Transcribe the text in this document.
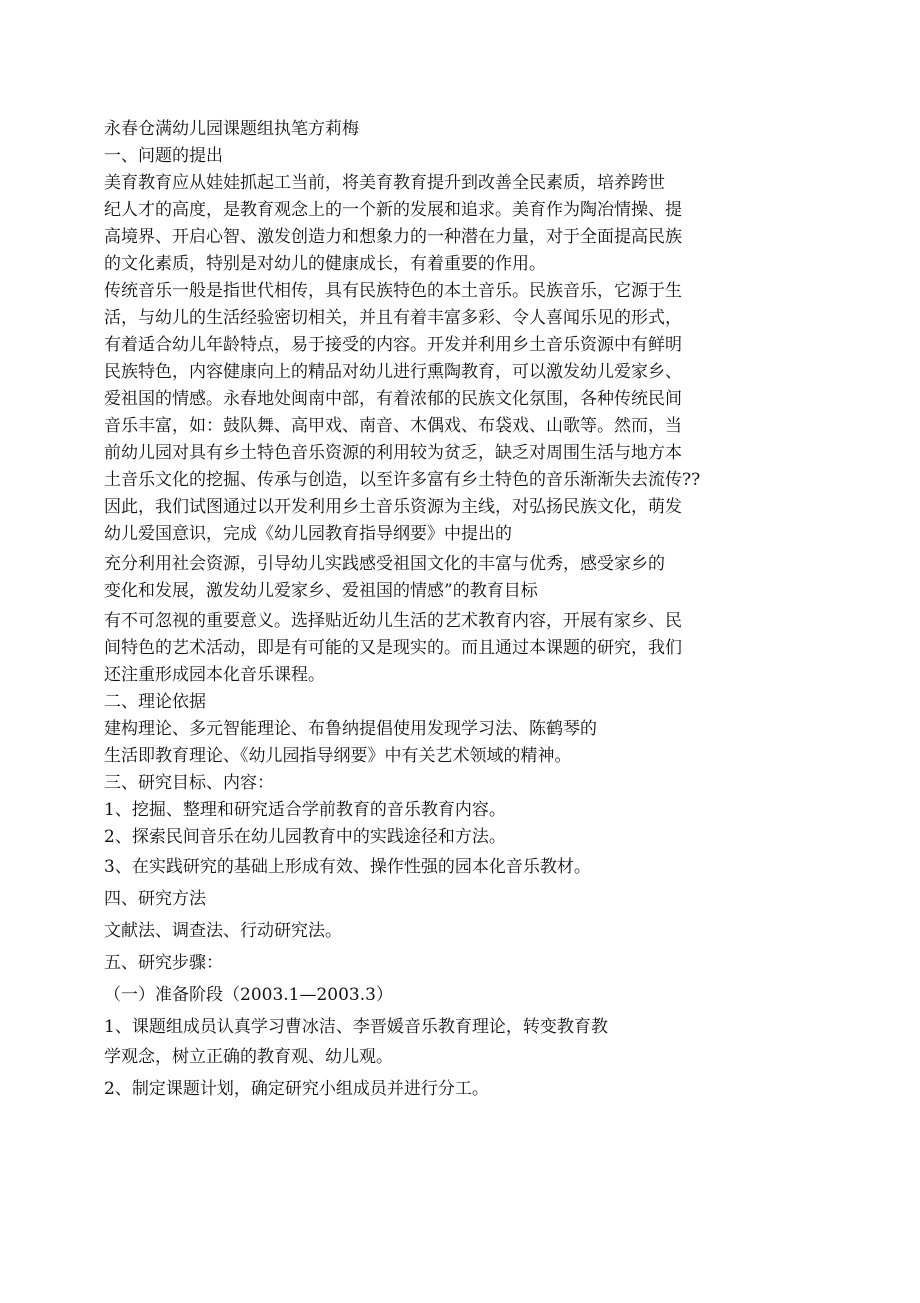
永春仓满幼儿园课题组执笔方莉梅
一、问题的提出
美育教育应从娃娃抓起工当前，将美育教育提升到改善全民素质，培养跨世
纪人才的高度，是教育观念上的一个新的发展和追求。美育作为陶冶情操、提
高境界、开启心智、激发创造力和想象力的一种潜在力量，对于全面提高民族
的文化素质，特别是对幼儿的健康成长，有着重要的作用。
传统音乐一般是指世代相传，具有民族特色的本土音乐。民族音乐，它源于生
活，与幼儿的生活经验密切相关，并且有着丰富多彩、令人喜闻乐见的形式，
有着适合幼儿年龄特点，易于接受的内容。开发并利用乡土音乐资源中有鲜明
民族特色，内容健康向上的精品对幼儿进行熏陶教育，可以激发幼儿爱家乡、
爱祖国的情感。永春地处闽南中部，有着浓郁的民族文化氛围，各种传统民间
音乐丰富，如：鼓队舞、高甲戏、南音、木偶戏、布袋戏、山歌等。然而，当
前幼儿园对具有乡土特色音乐资源的利用较为贫乏，缺乏对周围生活与地方本
土音乐文化的挖掘、传承与创造，以至许多富有乡土特色的音乐渐渐失去流传??
因此，我们试图通过以开发利用乡土音乐资源为主线，对弘扬民族文化，萌发
幼儿爱国意识，完成《幼儿园教育指导纲要》中提出的
充分利用社会资源，引导幼儿实践感受祖国文化的丰富与优秀，感受家乡的
变化和发展，激发幼儿爱家乡、爱祖国的情感”的教育目标
有不可忽视的重要意义。选择贴近幼儿生活的艺术教育内容，开展有家乡、民
间特色的艺术活动，即是有可能的又是现实的。而且通过本课题的研究，我们
还注重形成园本化音乐课程。
二、理论依据
建构理论、多元智能理论、布鲁纳提倡使用发现学习法、陈鹤琴的
生活即教育理论、《幼儿园指导纲要》中有关艺术领域的精神。
三、研究目标、内容：
1、挖掘、整理和研究适合学前教育的音乐教育内容。
2、探索民间音乐在幼儿园教育中的实践途径和方法。
3、在实践研究的基础上形成有效、操作性强的园本化音乐教材。
四、研究方法
文献法、调查法、行动研究法。
五、研究步骤：
（一）准备阶段（2003.1—2003.3）
1、课题组成员认真学习曹冰洁、李晋媛音乐教育理论，转变教育教
学观念，树立正确的教育观、幼儿观。
2、制定课题计划，确定研究小组成员并进行分工。
